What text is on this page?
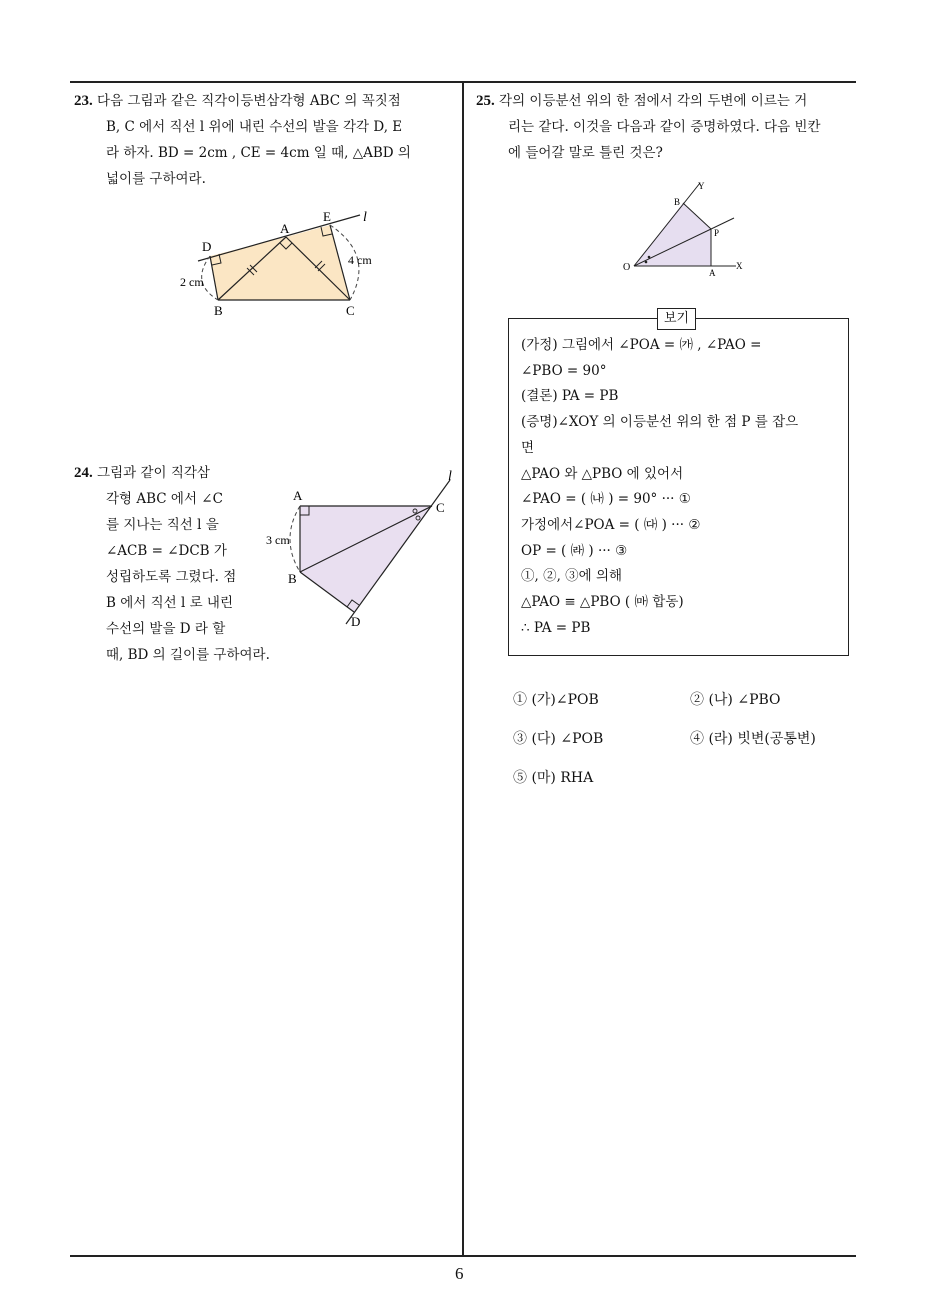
6
23. 다음 그림과 같은 직각이등변삼각형 ABC 의 꼭짓점
B, C 에서 직선 l 위에 내린 수선의 발을 각각 D, E
라 하자. BD = 2cm , CE = 4cm 일 때, △ABD 의
넓이를 구하여라.
A
B	C
D
E l
2 cm
4 cm
24. 그림과 같이 직각삼
각형 ABC 에서 ∠C
를 지나는 직선 l 을
∠ACB = ∠DCB 가
성립하도록 그렸다. 점
B 에서 직선 l 로 내린
수선의 발을 D 라 할
때, BD 의 길이를 구하여라.
A
B
C
D
l
3 cm
25. 각의 이등분선 위의 한 점에서 각의 두변에 이르는 거
리는 같다. 이것을 다음과 같이 증명하였다. 다음 빈칸
에 들어갈 말로 틀린 것은?
O	A
X
B
Y
P
(가정) 그림에서 ∠POA = ㈎ , ∠PAO =
∠PBO = 90°
(결론) PA = PB
(증명)∠XOY 의 이등분선 위의 한 점 P 를 잡으
면
△PAO 와 △PBO 에 있어서
∠PAO = ( ㈏ ) = 90° ··· ①
가정에서∠POA = ( ㈐ ) ··· ②
OP = ( ㈑ ) ··· ③
①, ②, ③에 의해
△PAO ≡ △PBO ( ㈒ 합동)
∴ PA = PB
보기
① (가)∠POB	② (나) ∠PBO
③ (다) ∠POB	④ (라) 빗변(공통변)
⑤ (마) RHA
